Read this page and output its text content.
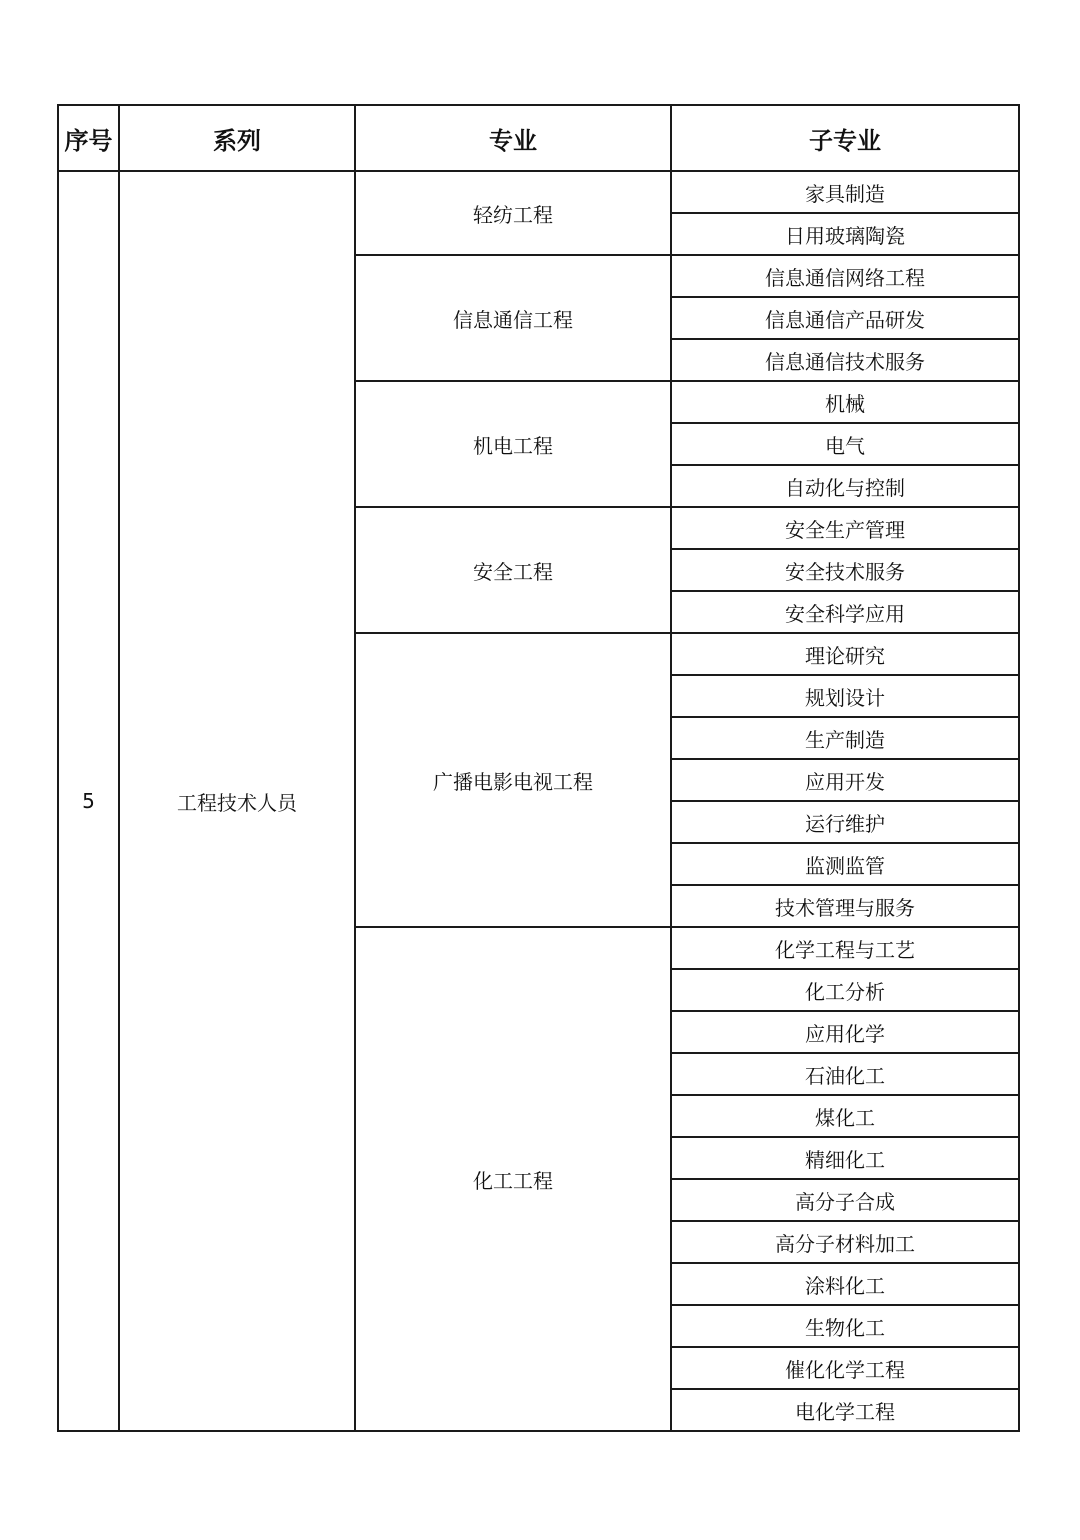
序号	系列	专业	子专业
5	工程技术人员	轻纺工程	家具制造
			日用玻璃陶瓷
		信息通信工程	信息通信网络工程
			信息通信产品研发
			信息通信技术服务
		机电工程	机械
			电气
			自动化与控制
		安全工程	安全生产管理
			安全技术服务
			安全科学应用
		广播电影电视工程	理论研究
			规划设计
			生产制造
			应用开发
			运行维护
			监测监管
			技术管理与服务
		化工工程	化学工程与工艺
			化工分析
			应用化学
			石油化工
			煤化工
			精细化工
			高分子合成
			高分子材料加工
			涂料化工
			生物化工
			催化化学工程
			电化学工程
